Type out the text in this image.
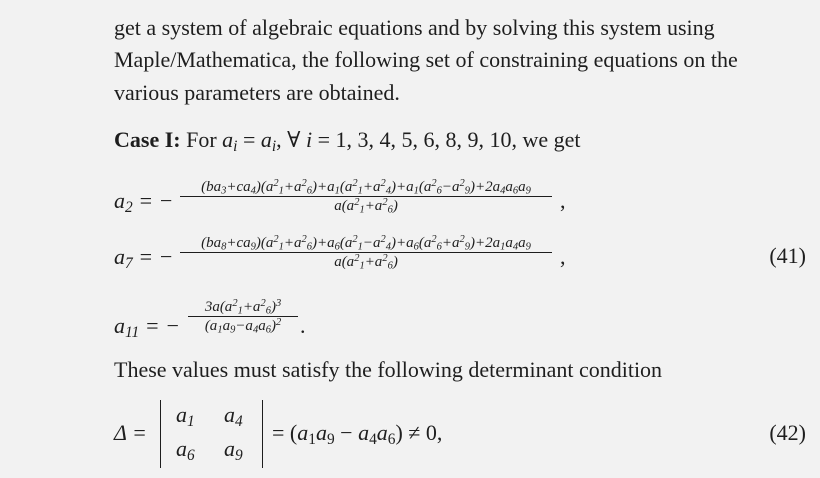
get a system of algebraic equations and by solving this system using
Maple/Mathematica, the following set of constraining equations on the
various parameters are obtained.
Case I: For $a_i = a_i$, ∀ i = 1, 3, 4, 5, 6, 8, 9, 10, we get
$a_2$ = −
$(ba_3+ca_4)(a^2_1+a^2_6)+a_1(a^2_1+a^2_4)+a_1(a^2_6-a^2_9)+2a_4a_6a_9$
$a(a^2_1+a^2_6)$	,
$a_7$ = −
$(ba_8+ca_9)(a^2_1+a^2_6)+a_6(a^2_1-a^2_4)+a_6(a^2_6+a^2_9)+2a_1a_4a_9$
$a(a^2_1+a^2_6)$	,	(41)
$a_{11}$ = −
$3a(a^2_1+a^2_6)^3$
$(a_1a_9-a_4a_6)^2$ .
These values must satisfy the following determinant condition
Δ =
$a_1$ $a_4$
$a_6$ $a_9$
= $(a_1a_9 - a_4a_6) \ne 0$,	(42)
